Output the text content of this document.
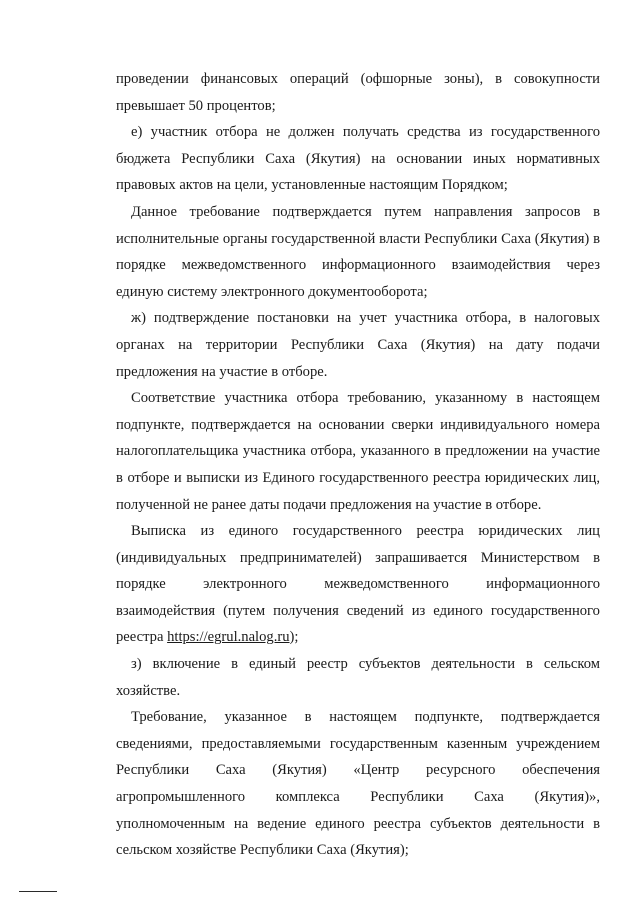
проведении финансовых операций (офшорные зоны), в совокупности превышает 50 процентов;

е) участник отбора не должен получать средства из государственного бюджета Республики Саха (Якутия) на основании иных нормативных правовых актов на цели, установленные настоящим Порядком;

Данное требование подтверждается путем направления запросов в исполнительные органы государственной власти Республики Саха (Якутия) в порядке межведомственного информационного взаимодействия через единую систему электронного документооборота;

ж) подтверждение постановки на учет участника отбора, в налоговых органах на территории Республики Саха (Якутия) на дату подачи предложения на участие в отборе.

Соответствие участника отбора требованию, указанному в настоящем подпункте, подтверждается на основании сверки индивидуального номера налогоплательщика участника отбора, указанного в предложении на участие в отборе и выписки из Единого государственного реестра юридических лиц, полученной не ранее даты подачи предложения на участие в отборе.

Выписка из единого государственного реестра юридических лиц (индивидуальных предпринимателей) запрашивается Министерством в порядке электронного межведомственного информационного взаимодействия (путем получения сведений из единого государственного реестра https://egrul.nalog.ru);

з) включение в единый реестр субъектов деятельности в сельском хозяйстве.

Требование, указанное в настоящем подпункте, подтверждается сведениями, предоставляемыми государственным казенным учреждением Республики Саха (Якутия) «Центр ресурсного обеспечения агропромышленного комплекса Республики Саха (Якутия)», уполномоченным на ведение единого реестра субъектов деятельности в сельском хозяйстве Республики Саха (Якутия);
